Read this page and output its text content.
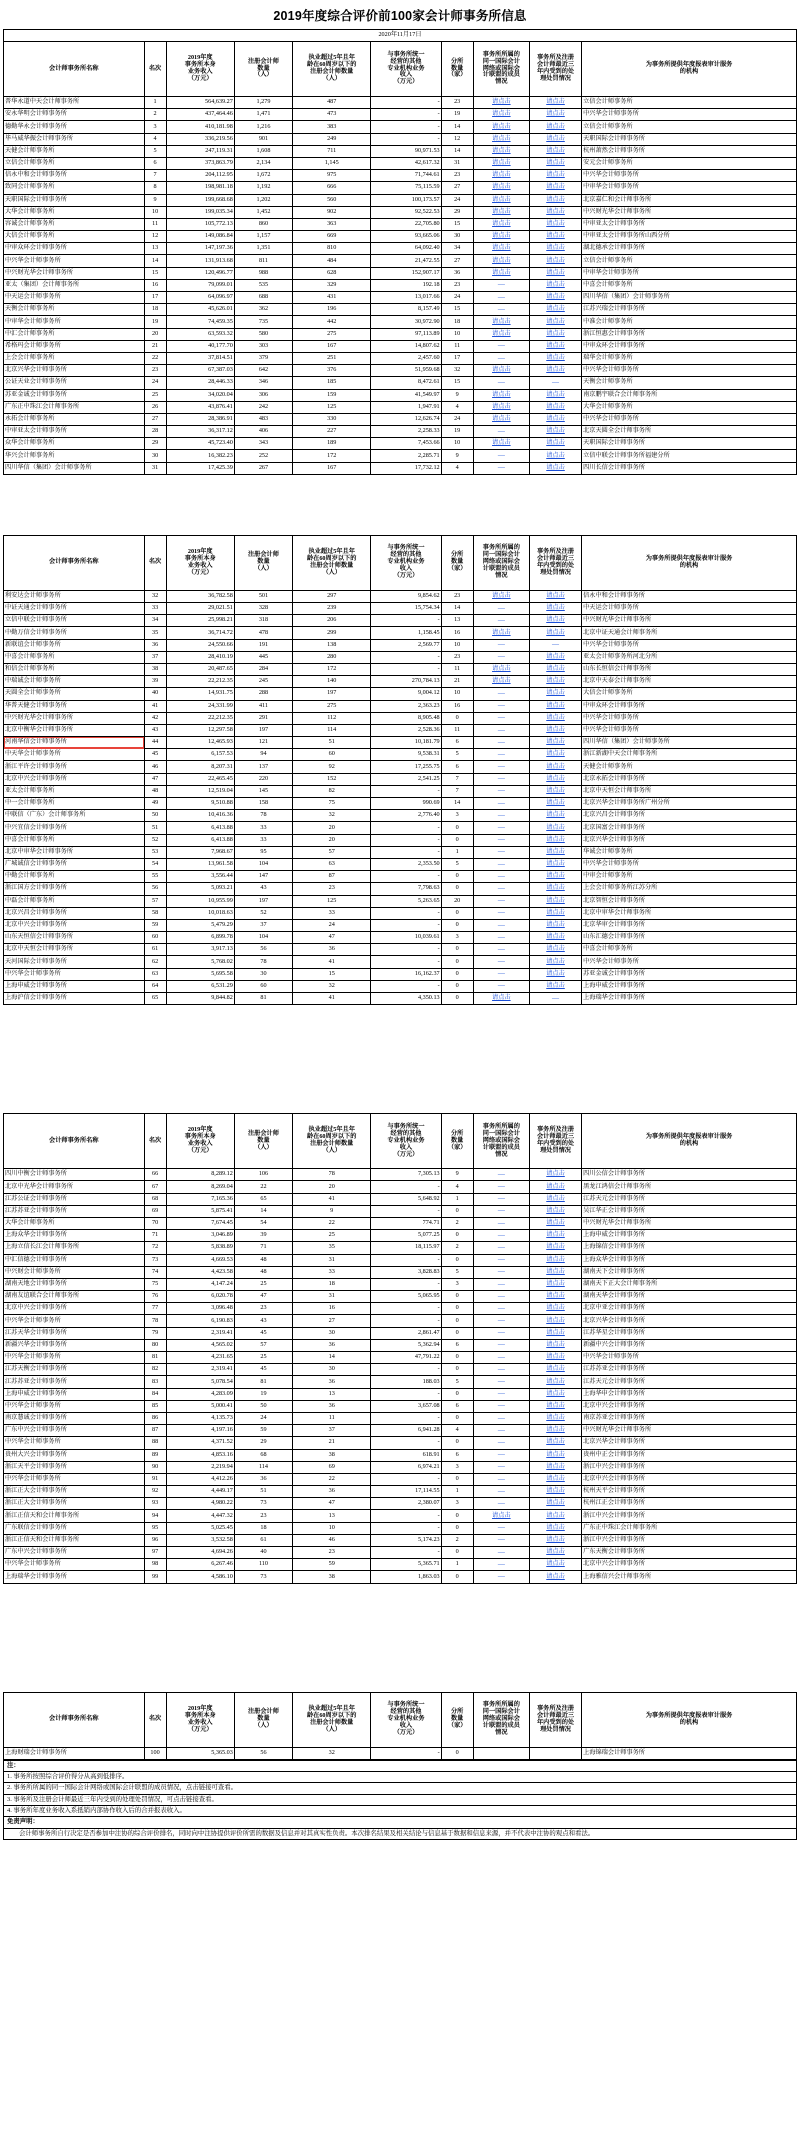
2019年度综合评价前100家会计师事务所信息
2020年11月17日									
会计师事务所名称	名次	2019年度
事务所本身
业务收入
（万元）	注册会计师
数量
（人）	执业超过5年且年
龄在60周岁以下的
注册会计师数量
（人）	与事务所统一
经营的其他
专业机构业务
收入
（万元）	分所
数量
（家）	事务所所属的
同一国际会计
网络或国际会
计联盟的成员
情况	事务所及注册
会计师最近三
年内受到的处
理处罚情况	为事务所提供年度报表审计服务
的机构
普华永道中天会计师事务所	1	564,639.27	1,279	487	-	23	请点击	请点击	立信会计师事务所
安永华明会计师事务所	2	437,464.46	1,471	473	-	19	请点击	请点击	中兴华会计师事务所
德勤华永会计师事务所	3	410,181.98	1,216	383	-	14	请点击	请点击	立信会计师事务所
毕马威华振会计师事务所	4	336,219.56	901	249	-	12	请点击	请点击	天职国际会计师事务所
天健会计师事务所	5	247,119.31	1,608	711	90,971.53	14	请点击	请点击	杭州萧然会计师事务所
立信会计师事务所	6	373,863.79	2,134	1,145	42,617.32	31	请点击	请点击	安元会计师事务所
信永中和会计师事务所	7	204,112.95	1,672	975	71,744.61	23	请点击	请点击	中兴华会计师事务所
致同会计师事务所	8	198,981.18	1,192	666	75,115.59	27	请点击	请点击	中审华会计师事务所
天职国际会计师事务所	9	199,668.68	1,202	560	100,173.57	24	请点击	请点击	北京嘉仁和会计师事务所
大华会计师事务所	10	199,035.34	1,452	902	92,522.53	29	请点击	请点击	中兴财光华会计师事务所
容诚会计师事务所	11	105,772.13	860	363	22,705.80	15	请点击	请点击	中审亚太会计师事务所
大信会计师事务所	12	149,086.84	1,157	669	93,665.06	30	请点击	请点击	中审亚太会计师事务所山西分所
中审众环会计师事务所	13	147,197.36	1,351	810	64,092.40	34	请点击	请点击	湖北德承会计师事务所
中兴华会计师事务所	14	131,913.68	811	484	21,472.55	27	请点击	请点击	立信会计师事务所
中兴财光华会计师事务所	15	120,496.77	988	628	152,907.17	36	请点击	请点击	中审华会计师事务所
亚太（集团）会计师事务所	16	79,099.01	535	329	192.18	23	—	请点击	中喜会计师事务所
中天运会计师事务所	17	64,096.97	688	431	13,017.66	24	—	请点击	四川华信（集团）会计师事务所
天衡会计师事务所	18	45,626.01	362	196	8,157.49	15	—	请点击	江苏兴瑞会计师事务所
中审华会计师事务所	19	74,459.35	735	442	30,972.90	18	请点击	请点击	中准会计师事务所
中汇会计师事务所	20	63,593.32	580	275	97,113.89	10	请点击	请点击	浙江恒惠会计师事务所
希格玛会计师事务所	21	40,177.70	303	167	14,807.62	11	—	请点击	中审众环会计师事务所
上会会计师事务所	22	37,814.51	379	251	2,457.60	17	—	请点击	瑞华会计师事务所
北京兴华会计师事务所	23	67,387.03	642	376	51,959.68	32	请点击	请点击	中兴华会计师事务所
公证天业会计师事务所	24	28,446.33	346	185	8,472.61	15	—	—	天衡会计师事务所
苏亚金诚会计师事务所	25	34,020.04	306	159	41,549.97	9	请点击	请点击	南京鹏宇联合会计师事务所
广东正中珠江会计师事务所	26	43,876.41	242	125	1,947.91	4	请点击	请点击	大华会计师事务所
永拓会计师事务所	27	28,386.91	483	330	12,626.74	24	请点击	请点击	中兴华会计师事务所
中审亚太会计师事务所	28	36,317.12	406	227	2,258.33	19	—	请点击	北京天圆全会计师事务所
众华会计师事务所	29	45,723.40	343	189	7,453.66	10	请点击	请点击	天职国际会计师事务所
华兴会计师事务所	30	16,382.23	252	172	2,285.71	9	—	请点击	立信中联会计师事务所福建分所
四川华信（集团）会计师事务所	31	17,425.39	267	167	17,732.12	4	—	请点击	四川长信会计师事务所
会计师事务所名称	名次	2019年度
事务所本身
业务收入
（万元）	注册会计师
数量
（人）	执业超过5年且年
龄在60周岁以下的
注册会计师数量
（人）	与事务所统一
经营的其他
专业机构业务
收入
（万元）	分所
数量
（家）	事务所所属的
同一国际会计
网络或国际会
计联盟的成员
情况	事务所及注册
会计师最近三
年内受到的处
理处罚情况	为事务所提供年度报表审计服务
的机构
利安达会计师事务所	32	36,782.58	501	297	9,854.62	23	请点击	请点击	信永中和会计师事务所
中证天通会计师事务所	33	29,021.51	328	239	15,754.34	14	—	请点击	中天运会计师事务所
立信中联会计师事务所	34	25,998.21	318	206	-	13	—	请点击	中兴财光华会计师事务所
中勤万信会计师事务所	35	36,714.72	478	299	1,158.45	16	请点击	请点击	北京中证天通会计师事务所
新联谊会计师事务所	36	24,550.66	191	138	2,569.77	10	—	—	中兴华会计师事务所
中喜会计师事务所	37	28,410.19	445	280	-	23	—	请点击	亚太会计师事务所河北分所
和信会计师事务所	38	20,487.65	284	172	-	11	请点击	请点击	山东长恒信会计师事务所
中瑞诚会计师事务所	39	22,212.35	245	140	270,784.13	21	请点击	请点击	北京中天泰会计师事务所
天圆全会计师事务所	40	14,931.75	288	197	9,004.12	10	—	请点击	大信会计师事务所
华普天健会计师事务所	41	24,331.99	411	275	2,363.23	16	—	请点击	中审众环会计师事务所
中兴财光华会计师事务所	42	22,212.35	291	112	8,905.48	0	—	请点击	中兴华会计师事务所
北京中衡华会计师事务所	43	12,297.58	197	114	2,528.36	11	—	请点击	中兴华会计师事务所
河南华信会计师事务所	44	12,465.93	121	51	10,181.79	6	—	请点击	四川华信（集团）会计师事务所
中天华会计师事务所	45	6,157.53	94	60	9,538.31	5	—	请点击	浙江新湖中天会计师事务所
浙江平许会计师事务所	46	8,207.31	137	92	17,255.75	6	—	请点击	天健会计师事务所
北京中兴会计师事务所	47	22,465.45	220	152	2,541.25	7	—	请点击	北京永拓会计师事务所
亚太会计师事务所	48	12,519.04	145	82	-	7	—	请点击	北京中天恒会计师事务所
中一会计师事务所	49	9,510.88	158	75	990.69	14	—	请点击	北京兴华会计师事务所广州分所
中联信（广东）会计师事务所	50	10,416.36	78	32	2,776.40	3	—	请点击	北京兴昌会计师事务所
中兴宜信会计师事务所	51	6,413.88	33	20	-	0	—	请点击	北京国富会计师事务所
中喜会计师事务所	52	6,413.88	33	20	-	0	—	请点击	北京兴华会计师事务所
北京中审华会计师事务所	53	7,968.67	95	57	-	1	—	请点击	华诚会计师事务所
广城诚信会计师事务所	54	13,961.58	104	63	2,353.50	5	—	请点击	中兴华会计师事务所
中勤会计师事务所	55	3,556.44	147	87	-	0	—	请点击	中审会计师事务所
浙江国方会计师事务所	56	5,093.21	43	23	7,798.63	0	—	请点击	上会会计师事务所江苏分所
中磊会计师事务所	57	10,955.99	197	125	5,263.65	20	—	请点击	北京智恒会计师事务所
北京兴昌会计师事务所	58	10,018.63	52	33	-	0	—	请点击	北京中审华会计师事务所
北京中兴会计师事务所	59	5,479.29	37	24	-	0	—	请点击	北京华审会计师事务所
山东天恒信会计师事务所	60	6,899.78	104	47	10,039.61	3	—	请点击	山东汇德会计师事务所
北京中天恒会计师事务所	61	3,917.13	56	36	-	0	—	请点击	中喜会计师事务所
天河国际会计师事务所	62	5,768.02	78	41	-	0	—	请点击	中兴华会计师事务所
中兴华会计师事务所	63	5,695.58	30	15	16,162.37	0	—	请点击	苏亚金诚会计师事务所
上海申威会计师事务所	64	6,531.29	60	32	-	0	—	请点击	上海申威会计师事务所
上海沪信会计师事务所	65	9,844.82	81	41	4,350.13	0	请点击	—	上海瑞华会计师事务所
会计师事务所名称	名次	2019年度
事务所本身
业务收入
（万元）	注册会计师
数量
（人）	执业超过5年且年
龄在60周岁以下的
注册会计师数量
（人）	与事务所统一
经营的其他
专业机构业务
收入
（万元）	分所
数量
（家）	事务所所属的
同一国际会计
网络或国际会
计联盟的成员
情况	事务所及注册
会计师最近三
年内受到的处
理处罚情况	为事务所提供年度报表审计服务
的机构
四川中衡会计师事务所	66	8,289.12	106	78	7,305.13	9	—	请点击	四川公信会计师事务所
北京中光华会计师事务所	67	8,269.04	22	20	-	4	—	请点击	黑龙江鸿信会计师事务所
江苏公证会计师事务所	68	7,165.36	65	41	5,648.92	1	—	请点击	江苏天元会计师事务所
江苏苏亚会计师事务所	69	5,875.41	14	9	-	0	—	请点击	吴江华正会计师事务所
大华会计师事务所	70	7,674.45	54	22	774.71	2	—	请点击	中兴财光华会计师事务所
上海众华会计师事务所	71	3,046.89	39	25	5,077.25	0	—	请点击	上海申威会计师事务所
上海立信长江会计师事务所	72	5,838.89	71	35	18,115.97	2	—	请点击	上海锦信会计师事务所
中汇信德会计师事务所	73	4,669.53	48	31	-	0	—	请点击	上海众华会计师事务所
中兴财会计师事务所	74	4,423.58	48	33	3,828.83	5	—	请点击	湖南天下会计师事务所
湖南天地会计师事务所	75	4,147.24	25	18	-	3	—	请点击	湖南天下正大会计师事务所
湖南友谊联合会计师事务所	76	6,020.78	47	31	5,065.95	0	—	请点击	湖南天华会计师事务所
北京中兴会计师事务所	77	3,096.48	23	16	-	0	—	请点击	北京中亚会计师事务所
中兴华会计师事务所	78	6,190.83	43	27	-	0	—	请点击	北京兴华会计师事务所
江苏天华会计师事务所	79	2,319.41	45	30	2,861.47	0	—	请点击	江苏华星会计师事务所
新疆兴华会计师事务所	80	4,565.02	57	36	5,362.94	6	—	请点击	新疆中兴会计师事务所
中兴华会计师事务所	81	4,231.65	25	14	47,791.22	0	—	请点击	中兴华会计师事务所
江苏天衡会计师事务所	82	2,319.41	45	30	-	0	—	请点击	江苏苏亚会计师事务所
江苏苏亚会计师事务所	83	5,078.54	81	36	188.03	5	—	请点击	江苏天元会计师事务所
上海申威会计师事务所	84	4,283.09	19	13	-	0	—	请点击	上海华申会计师事务所
中兴华会计师事务所	85	5,000.41	50	36	3,657.08	6	—	请点击	北京中兴会计师事务所
南京慧诚会计师事务所	86	4,135.73	24	11	-	0	—	请点击	南京苏亚会计师事务所
广东中兴会计师事务所	87	4,197.16	59	37	6,941.28	4	—	请点击	中兴财光华会计师事务所
中兴华会计师事务所	88	4,371.52	29	21	-	0	—	请点击	北京兴华会计师事务所
贵州大兴会计师事务所	89	4,853.16	68	38	618.91	6	—	请点击	贵州中正会计师事务所
浙江天平会计师事务所	90	2,219.94	114	69	6,974.21	3	—	请点击	浙江中兴会计师事务所
中兴华会计师事务所	91	4,412.26	36	22	-	0	—	请点击	北京中兴会计师事务所
浙江正大会计师事务所	92	4,449.17	51	36	17,114.55	1	—	请点击	杭州天平会计师事务所
浙江正大会计师事务所	93	4,980.22	73	47	2,380.07	3	—	请点击	杭州江正会计师事务所
浙江正信天和会计师事务所	94	4,447.32	23	13	-	0	请点击	请点击	浙江中兴会计师事务所
广东联信会计师事务所	95	5,025.45	18	10	-	0	—	请点击	广东正中珠江会计师事务所
浙江正信天和会计师事务所	96	3,532.58	61	46	5,174.23	2	—	请点击	浙江中兴会计师事务所
广东中兴会计师事务所	97	4,694.26	40	23	-	0	—	请点击	广东天衡会计师事务所
中兴华会计师事务所	98	6,267.46	110	59	5,365.71	1	—	请点击	北京中兴会计师事务所
上海瑞华会计师事务所	99	4,586.10	73	38	1,863.03	0	—	请点击	上海雅信兴会计师事务所
会计师事务所名称	名次	2019年度
事务所本身
业务收入
（万元）	注册会计师
数量
（人）	执业超过5年且年
龄在60周岁以下的
注册会计师数量
（人）	与事务所统一
经营的其他
专业机构业务
收入
（万元）	分所
数量
（家）	事务所所属的
同一国际会计
网络或国际会
计联盟的成员
情况	事务所及注册
会计师最近三
年内受到的处
理处罚情况	为事务所提供年度报表审计服务
的机构
上海财瑞会计师事务所	100	5,365.03	56	32	-	0			上海锦瑞会计师事务所
注：
1. 事务所按照综合评价得分从高到低排序。
2. 事务所所属的同一国际会计网络或国际会计联盟的成员情况，点击链接可查看。
3. 事务所及注册会计师最近三年内受到的处理处罚情况，可点击链接查看。
4. 事务所年度业务收入系抵销内部协作收入后的合并报表收入。
免责声明：
会计师事务所自行决定是否参加中注协的综合评价排名，同时向中注协提供评价所需的数据及信息并对其真实性负责。本次排名结果及相关结论与信息基于数据和信息来源，并不代表中注协的观点和看法。
